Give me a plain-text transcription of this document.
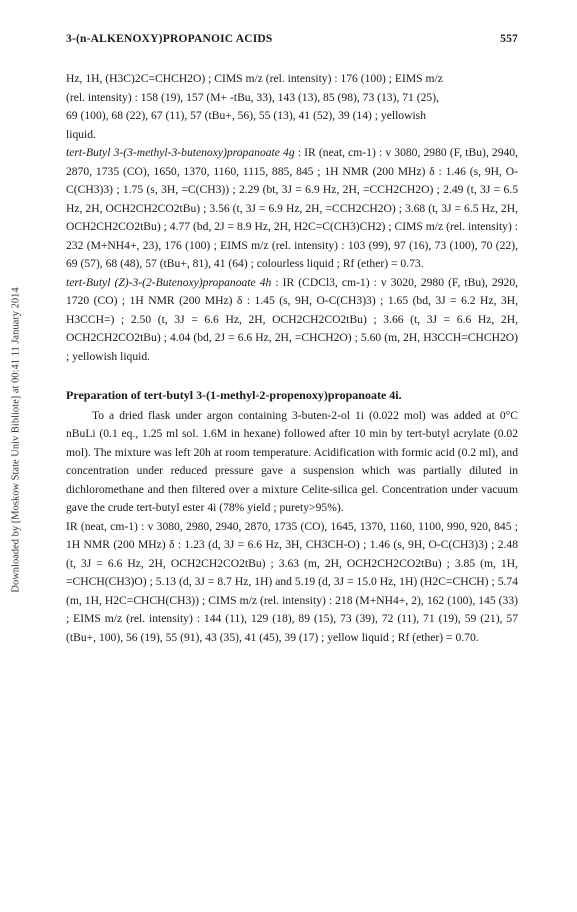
Downloaded by [Moskow State Univ Bibliote] at 00:41 11 January 2014
3-(n-ALKENOXY)PROPANOIC ACIDS	557

Hz, 1H, (H3C)2C=CHCH2O) ; CIMS m/z (rel. intensity) : 176 (100) ; EIMS m/z

(rel. intensity) : 158 (19), 157 (M+ -tBu, 33), 143 (13), 85 (98), 73 (13), 71 (25),

69 (100), 68 (22), 67 (11), 57 (tBu+, 56), 55 (13), 41 (52), 39 (14) ; yellowish

liquid.

tert-Butyl 3-(3-methyl-3-butenoxy)propanoate 4g : IR (neat, cm-1) : v 3080, 2980 (F, tBu), 2940, 2870, 1735 (CO), 1650, 1370, 1160, 1115, 885, 845 ; 1H NMR (200 MHz) δ : 1.46 (s, 9H, O-C(CH3)3) ; 1.75 (s, 3H, =C(CH3)) ; 2.29 (bt, 3J = 6.9 Hz, 2H, =CCH2CH2O) ; 2.49 (t, 3J = 6.5 Hz, 2H, OCH2CH2CO2tBu) ; 3.56 (t, 3J = 6.9 Hz, 2H, =CCH2CH2O) ; 3.68 (t, 3J = 6.5 Hz, 2H, OCH2CH2CO2tBu) ; 4.77 (bd, 2J = 8.9 Hz, 2H, H2C=C(CH3)CH2) ; CIMS m/z (rel. intensity) : 232 (M+NH4+, 23), 176 (100) ; EIMS m/z (rel. intensity) : 103 (99), 97 (16), 73 (100), 70 (22), 69 (57), 68 (48), 57 (tBu+, 81), 41 (64) ; colourless liquid ; Rf (ether) = 0.73.

tert-Butyl (Z)-3-(2-Butenoxy)propanoate 4h : IR (CDCl3, cm-1) : v 3020, 2980 (F, tBu), 2920, 1720 (CO) ; 1H NMR (200 MHz) δ : 1.45 (s, 9H, O-C(CH3)3) ; 1.65 (bd, 3J = 6.2 Hz, 3H, H3CCH=) ; 2.50 (t, 3J = 6.6 Hz, 2H, OCH2CH2CO2tBu) ; 3.66 (t, 3J = 6.6 Hz, 2H, OCH2CH2CO2tBu) ; 4.04 (bd, 2J = 6.6 Hz, 2H, =CHCH2O) ; 5.60 (m, 2H, H3CCH=CHCH2O) ; yellowish liquid.

Preparation of tert-butyl 3-(1-methyl-2-propenoxy)propanoate 4i.

To a dried flask under argon containing 3-buten-2-ol 1i (0.022 mol) was added at 0°C nBuLi (0.1 eq., 1.25 ml sol. 1.6M in hexane) followed after 10 min by tert-butyl acrylate (0.02 mol). The mixture was left 20h at room temperature. Acidification with formic acid (0.2 ml), and concentration under reduced pressure gave a suspension which was partially diluted in dichloromethane and then filtered over a mixture Celite-silica gel. Concentration under vacuum gave the crude tert-butyl ester 4i (78% yield ; purety>95%).

IR (neat, cm-1) : v 3080, 2980, 2940, 2870, 1735 (CO), 1645, 1370, 1160, 1100, 990, 920, 845 ; 1H NMR (200 MHz) δ : 1.23 (d, 3J = 6.6 Hz, 3H, CH3CH-O) ; 1.46 (s, 9H, O-C(CH3)3) ; 2.48 (t, 3J = 6.6 Hz, 2H, OCH2CH2CO2tBu) ; 3.63 (m, 2H, OCH2CH2CO2tBu) ; 3.85 (m, 1H, =CHCH(CH3)O) ; 5.13 (d, 3J = 8.7 Hz, 1H) and 5.19 (d, 3J = 15.0 Hz, 1H) (H2C=CHCH) ; 5.74 (m, 1H, H2C=CHCH(CH3)) ; CIMS m/z (rel. intensity) : 218 (M+NH4+, 2), 162 (100), 145 (33) ; EIMS m/z (rel. intensity) : 144 (11), 129 (18), 89 (15), 73 (39), 72 (11), 71 (19), 59 (21), 57 (tBu+, 100), 56 (19), 55 (91), 43 (35), 41 (45), 39 (17) ; yellow liquid ; Rf (ether) = 0.70.
